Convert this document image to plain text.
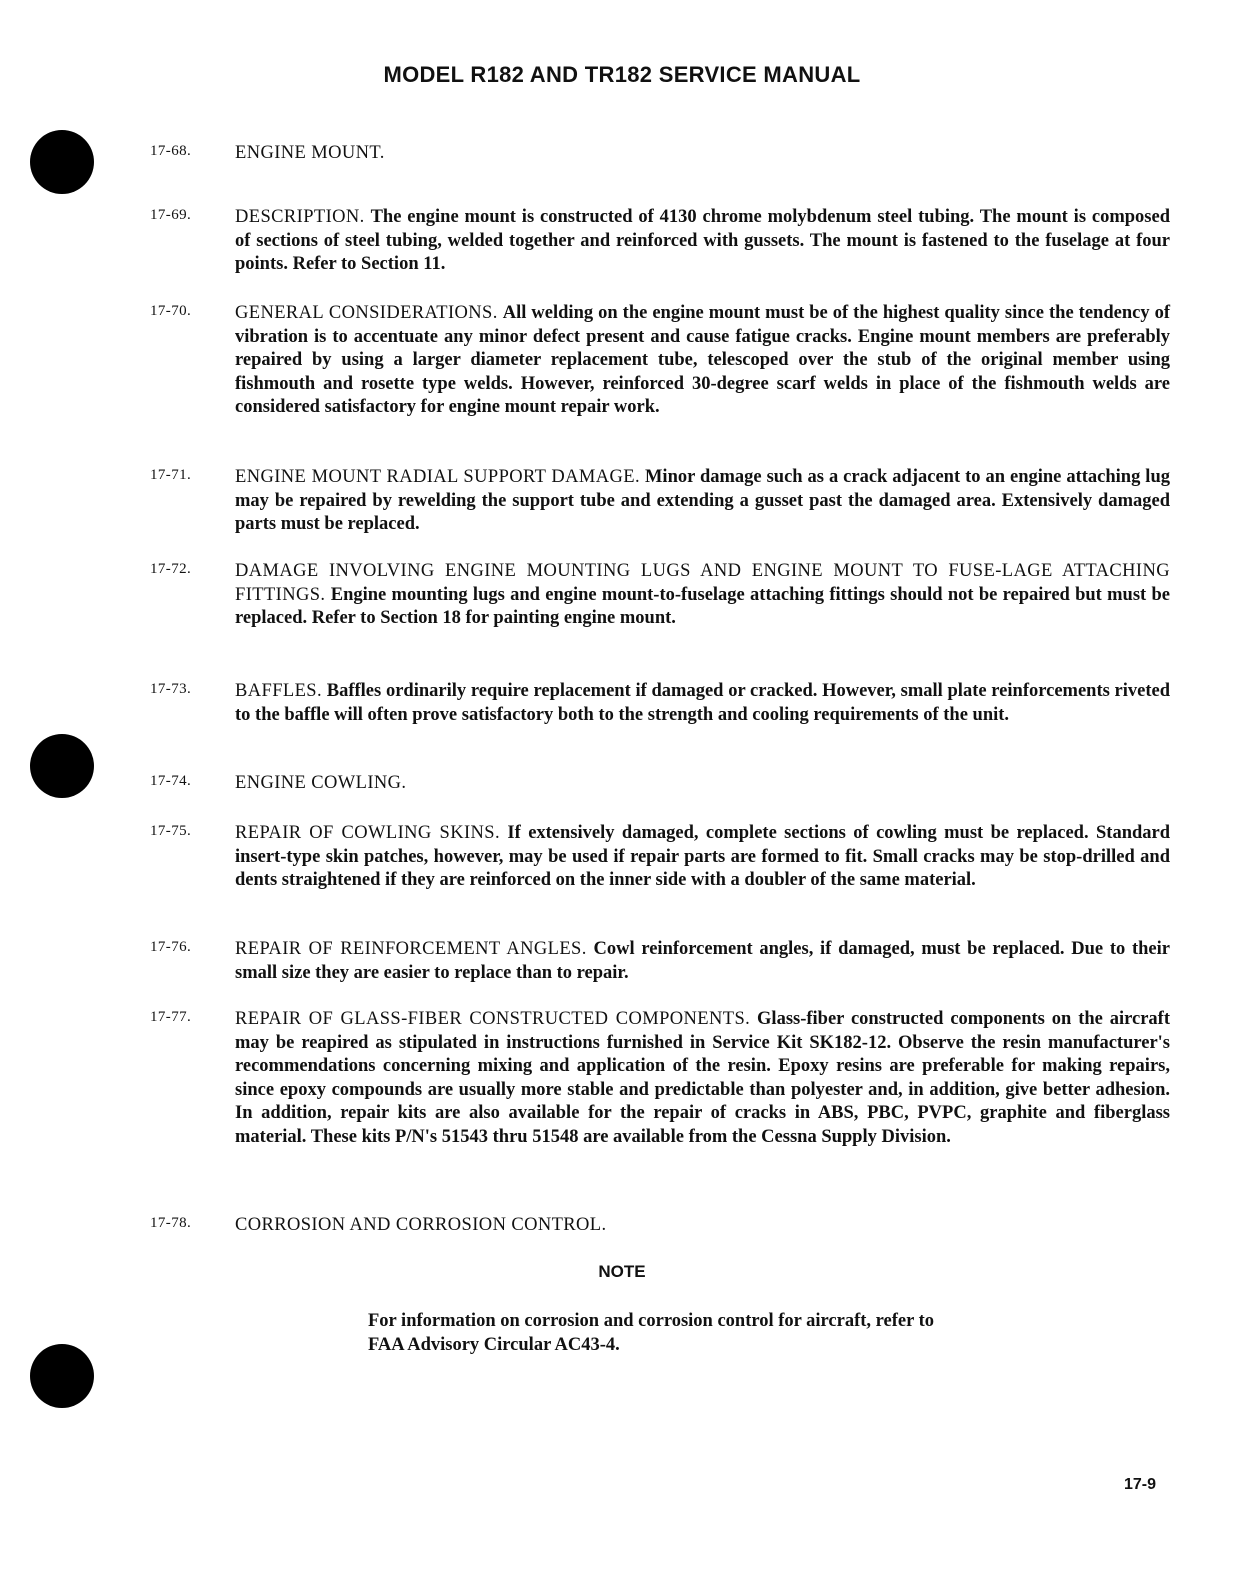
MODEL R182 AND TR182 SERVICE MANUAL
17-68.	ENGINE MOUNT.
17-69.	DESCRIPTION. The engine mount is constructed of 4130 chrome molybdenum steel tubing. The mount is composed of sections of steel tubing, welded together and reinforced with gussets. The mount is fastened to the fuselage at four points. Refer to Section 11.
17-70.	GENERAL CONSIDERATIONS. All welding on the engine mount must be of the highest quality since the tendency of vibration is to accentuate any minor defect present and cause fatigue cracks. Engine mount members are preferably repaired by using a larger diameter replacement tube, telescoped over the stub of the original member using fishmouth and rosette type welds. However, reinforced 30-degree scarf welds in place of the fishmouth welds are considered satisfactory for engine mount repair work.
17-71.	ENGINE MOUNT RADIAL SUPPORT DAMAGE. Minor damage such as a crack adjacent to an engine attaching lug may be repaired by rewelding the support tube and extending a gusset past the damaged area. Extensively damaged parts must be replaced.
17-72.	DAMAGE INVOLVING ENGINE MOUNTING LUGS AND ENGINE MOUNT TO FUSE-LAGE ATTACHING FITTINGS. Engine mounting lugs and engine mount-to-fuselage attaching fittings should not be repaired but must be replaced. Refer to Section 18 for painting engine mount.
17-73.	BAFFLES. Baffles ordinarily require replacement if damaged or cracked. However, small plate reinforcements riveted to the baffle will often prove satisfactory both to the strength and cooling requirements of the unit.
17-74.	ENGINE COWLING.
17-75.	REPAIR OF COWLING SKINS. If extensively damaged, complete sections of cowling must be replaced. Standard insert-type skin patches, however, may be used if repair parts are formed to fit. Small cracks may be stop-drilled and dents straightened if they are reinforced on the inner side with a doubler of the same material.
17-76.	REPAIR OF REINFORCEMENT ANGLES. Cowl reinforcement angles, if damaged, must be replaced. Due to their small size they are easier to replace than to repair.
17-77.	REPAIR OF GLASS-FIBER CONSTRUCTED COMPONENTS. Glass-fiber constructed components on the aircraft may be reapired as stipulated in instructions furnished in Service Kit SK182-12. Observe the resin manufacturer's recommendations concerning mixing and application of the resin. Epoxy resins are preferable for making repairs, since epoxy compounds are usually more stable and predictable than polyester and, in addition, give better adhesion. In addition, repair kits are also available for the repair of cracks in ABS, PBC, PVPC, graphite and fiberglass material. These kits P/N's 51543 thru 51548 are available from the Cessna Supply Division.
17-78.	CORROSION AND CORROSION CONTROL.
NOTE
For information on corrosion and corrosion control for aircraft, refer to FAA Advisory Circular AC43-4.
17-9
